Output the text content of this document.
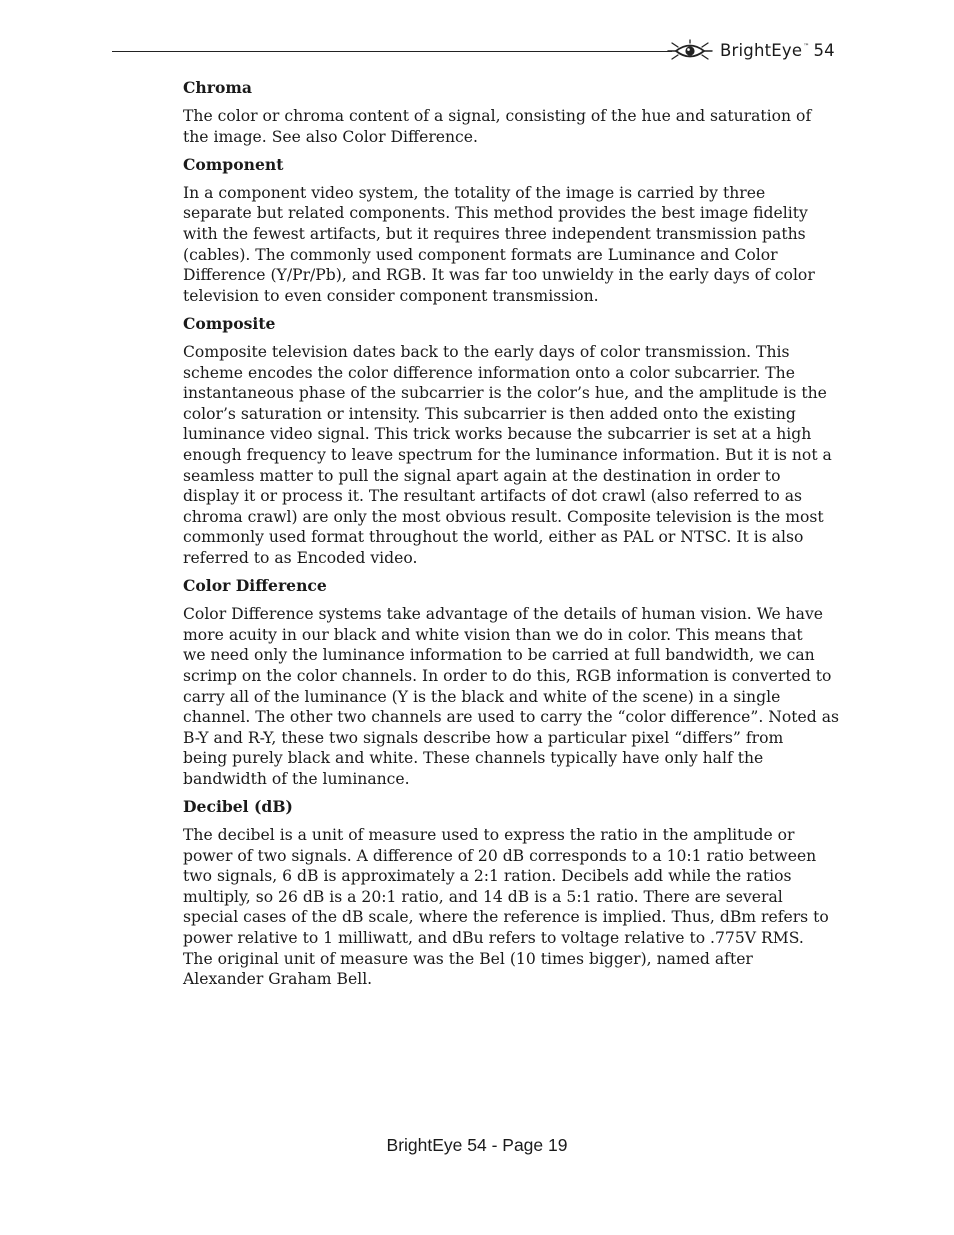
BrightEye™ 54
Chroma
The color or chroma content of a signal, consisting of the hue and saturation of
the image. See also Color Difference.
Component
In a component video system, the totality of the image is carried by three
separate but related components. This method provides the best image fidelity
with the fewest artifacts, but it requires three independent transmission paths
(cables). The commonly used component formats are Luminance and Color
Difference (Y/Pr/Pb), and RGB. It was far too unwieldy in the early days of color
television to even consider component transmission.
Composite
Composite television dates back to the early days of color transmission. This
scheme encodes the color difference information onto a color subcarrier. The
instantaneous phase of the subcarrier is the color’s hue, and the amplitude is the
color’s saturation or intensity. This subcarrier is then added onto the existing
luminance video signal. This trick works because the subcarrier is set at a high
enough frequency to leave spectrum for the luminance information. But it is not a
seamless matter to pull the signal apart again at the destination in order to
display it or process it. The resultant artifacts of dot crawl (also referred to as
chroma crawl) are only the most obvious result. Composite television is the most
commonly used format throughout the world, either as PAL or NTSC. It is also
referred to as Encoded video.
Color Difference
Color Difference systems take advantage of the details of human vision. We have
more acuity in our black and white vision than we do in color. This means that
we need only the luminance information to be carried at full bandwidth, we can
scrimp on the color channels. In order to do this, RGB information is converted to
carry all of the luminance (Y is the black and white of the scene) in a single
channel. The other two channels are used to carry the “color difference”. Noted as
B-Y and R-Y, these two signals describe how a particular pixel “differs” from
being purely black and white. These channels typically have only half the
bandwidth of the luminance.
Decibel (dB)
The decibel is a unit of measure used to express the ratio in the amplitude or
power of two signals. A difference of 20 dB corresponds to a 10:1 ratio between
two signals, 6 dB is approximately a 2:1 ration. Decibels add while the ratios
multiply, so 26 dB is a 20:1 ratio, and 14 dB is a 5:1 ratio. There are several
special cases of the dB scale, where the reference is implied. Thus, dBm refers to
power relative to 1 milliwatt, and dBu refers to voltage relative to .775V RMS.
The original unit of measure was the Bel (10 times bigger), named after
Alexander Graham Bell.
BrightEye 54 - Page 19
